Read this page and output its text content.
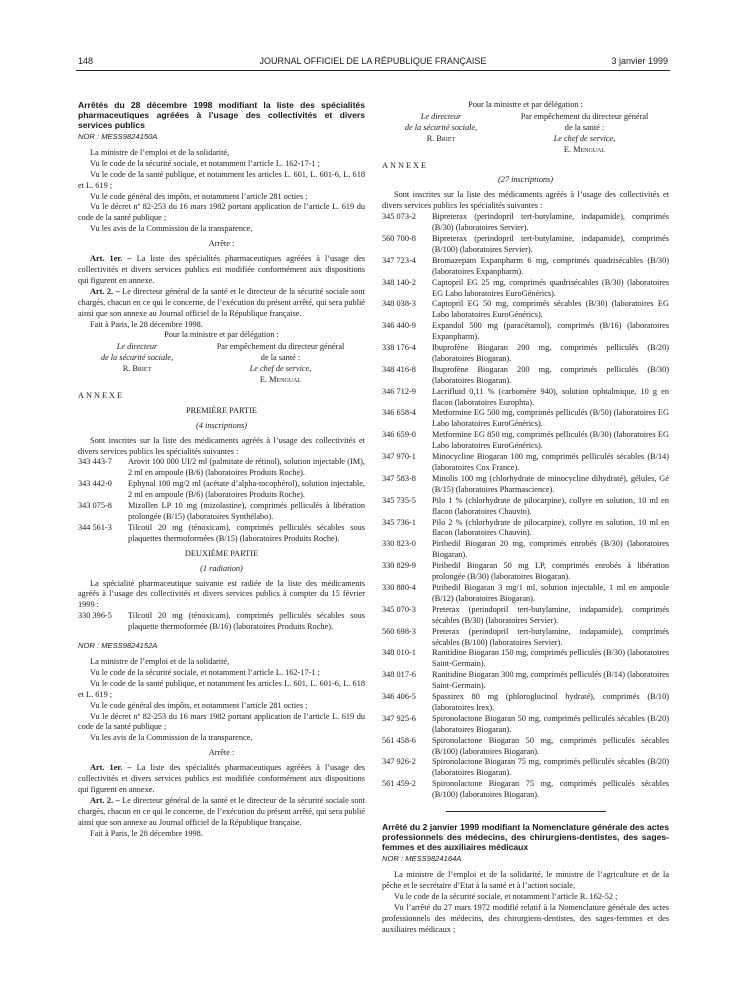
148	JOURNAL OFFICIEL DE LA RÉPUBLIQUE FRANÇAISE	3 janvier 1999

Arrêtés du 28 décembre 1998 modifiant la liste des spécialités pharmaceutiques agréées à l’usage des collectivités et divers services publics

NOR : MESS9824150A

La ministre de l’emploi et de la solidarité,

Vu le code de la sécurité sociale, et notamment l’article L. 162-17-1 ;

Vu le code de la santé publique, et notamment les articles L. 601, L. 601-6, L. 618 et L. 619 ;

Vu le code général des impôts, et notamment l’article 281 octies ;

Vu le décret nº 82-253 du 16 mars 1982 portant application de l’article L. 619 du code de la santé publique ;

Vu les avis de la Commission de la transparence,

Arrête :

Art. 1er. – La liste des spécialités pharmaceutiques agréées à l’usage des collectivités et divers services publics est modifiée conformément aux dispositions qui figurent en annexe.

Art. 2. – Le directeur général de la santé et le directeur de la sécurité sociale sont chargés, chacun en ce qui le concerne, de l’exécution du présent arrêté, qui sera publié ainsi que son annexe au Journal officiel de la République française.

Fait à Paris, le 28 décembre 1998.

Pour la ministre et par délégation :

Le directeur
de la sécurité sociale,
R. Briet
Par empêchement du directeur général
de la santé :
Le chef de service,
E. Mengual

ANNEXE

PREMIÈRE PARTIE

(4 inscriptions)

Sont inscrites sur la liste des médicaments agréés à l’usage des collectivités et divers services publics les spécialités suivantes :

343 443-7	Arovit 100 000 UI/2 ml (palmitate de rétinol), solution injectable (IM), 2 ml en ampoule (B/6) (laboratoires Produits Roche).
343 442-0	Ephynal 100 mg/2 ml (acétate d’alpha-tocophérol), solution injectable, 2 ml en ampoule (B/6) (laboratoires Produits Roche).
343 075-8	Mizollen LP 10 mg (mizolastine), comprimés pelliculés à libération prolongée (B/15) (laboratoires Synthélabo).
344 561-3	Tilcotil 20 mg (ténoxicam), comprimés pelliculés sécables sous plaquettes thermoformées (B/15) (laboratoires Produits Roche).

DEUXIÈME PARTIE

(1 radiation)

La spécialité pharmaceutique suivante est radiée de la liste des médicaments agréés à l’usage des collectivités et divers services publics à compter du 15 février 1999 :

330 396-5	Tilcotil 20 mg (ténoxicam), comprimés pelliculés sécables sous plaquette thermoformée (B/16) (laboratoires Produits Roche).

NOR : MESS9824152A

La ministre de l’emploi et de la solidarité,

Vu le code de la sécurité sociale, et notamment l’article L. 162-17-1 ;

Vu le code de la santé publique, et notamment les articles L. 601, L. 601-6, L. 618 et L. 619 ;

Vu le code général des impôts, et notamment l’article 281 octies ;

Vu le décret nº 82-253 du 16 mars 1982 portant application de l’article L. 619 du code de la santé publique ;

Vu les avis de la Commission de la transparence,

Arrête :

Art. 1er. – La liste des spécialités pharmaceutiques agréées à l’usage des collectivités et divers services publics est modifiée conformément aux dispositions qui figurent en annexe.

Art. 2. – Le directeur général de la santé et le directeur de la sécurité sociale sont chargés, chacun en ce qui le concerne, de l’exécution du présent arrêté, qui sera publié ainsi que son annexe au Journal officiel de la République française.

Fait à Paris, le 28 décembre 1998.

Pour la ministre et par délégation :

Le directeur
de la sécurité sociale,
R. Briet
Par empêchement du directeur général
de la santé :
Le chef de service,
E. Mengual

ANNEXE

(27 inscriptions)

Sont inscrites sur la liste des médicaments agréés à l’usage des collectivités et divers services publics les spécialités suivantes :

345 073-2	Bipreterax (perindopril tert-butylamine, indapamide), comprimés (B/30) (laboratoires Servier).
560 700-8	Bipreterax (perindopril tert-butylamine, indapamide), comprimés (B/100) (laboratoires Servier).
347 723-4	Bromazepam Expanpharm 6 mg, comprimés quadrisécables (B/30) (laboratoires Expanpharm).
348 140-2	Captopril EG 25 mg, comprimés quadrisécables (B/30) (laboratoires EG Labo laboratoires EuroGénérics).
348 038-3	Captopril EG 50 mg, comprimés sécables (B/30) (laboratoires EG Labo laboratoires EuroGénérics).
346 440-9	Expandol 500 mg (paracétamol), comprimés (B/16) (laboratoires Expanpharm).
338 176-4	Ibuprofène Biogaran 200 mg, comprimés pelliculés (B/20) (laboratoires Biogaran).
348 416-8	Ibuprofène Biogaran 200 mg, comprimés pelliculés (B/30) (laboratoires Biogaran).
346 712-9	Lacrifluid 0,11 % (carbomère 940), solution ophtalmique, 10 g en flacon (laboratoires Europhta).
346 658-4	Metformine EG 500 mg, comprimés pelliculés (B/50) (laboratoires EG Labo laboratoires EuroGénérics).
346 659-0	Metformine EG 850 mg, comprimés pelliculés (B/30) (laboratoires EG Labo laboratoires EuroGénérics).
347 970-1	Minocycline Biogaran 100 mg, comprimés pelliculés sécables (B/14) (laboratoires Cox France).
347 583-8	Minolis 100 mg (chlorhydrate de minocycline dihydraté), gélules, Gé (B/15) (laboratoires Pharmascience).
345 735-5	Pilo 1 % (chlorhydrate de pilocarpine), collyre en solution, 10 ml en flacon (laboratoires Chauvin).
345 736-1	Pilo 2 % (chlorhydrate de pilocarpine), collyre en solution, 10 ml en flacon (laboratoires Chauvin).
330 823-0	Piribedil Biogaran 20 mg, comprimés enrobés (B/30) (laboratoires Biogaran).
330 829-9	Piribedil Biogaran 50 mg LP, comprimés enrobés à libération prolongée (B/30) (laboratoires Biogaran).
330 880-4	Piribedil Biogaran 3 mg/1 ml, solution injectable, 1 ml en ampoule (B/12) (laboratoires Biogaran).
345 070-3	Preterax (perindopril tert-butylamine, indapamide), comprimés sécables (B/30) (laboratoires Servier).
560 698-3	Preterax (perindopril tert-butylamine, indapamide), comprimés sécables (B/100) (laboratoires Servier).
348 010-1	Ranitidine Biogaran 150 mg, comprimés pelliculés (B/30) (laboratoires Saint-Germain).
348 017-6	Ranitidine Biogaran 300 mg, comprimés pelliculés (B/14) (laboratoires Saint-Germain).
346 406-5	Spassirex 80 mg (phloroglucinol hydraté), comprimés (B/10) (laboratoires Irex).
347 925-6	Spironolactone Biogaran 50 mg, comprimés pelliculés sécables (B/20) (laboratoires Biogaran).
561 458-6	Spironolactone Biogaran 50 mg, comprimés pelliculés sécables (B/100) (laboratoires Biogaran).
347 926-2	Spironolactone Biogaran 75 mg, comprimés pelliculés sécables (B/20) (laboratoires Biogaran).
561 459-2	Spironolactone Biogaran 75 mg, comprimés pelliculés sécables (B/100) (laboratoires Biogaran).

Arrêté du 2 janvier 1999 modifiant la Nomenclature générale des actes professionnels des médecins, des chirurgiens-dentistes, des sages-femmes et des auxiliaires médicaux

NOR : MESS9824164A

La ministre de l’emploi et de la solidarité, le ministre de l’agriculture et de la pêche et le secrétaire d’Etat à la santé et à l’action sociale,

Vu le code de la sécurité sociale, et notamment l’article R. 162-52 ;

Vu l’arrêté du 27 mars 1972 modifié relatif à la Nomenclature générale des actes professionnels des médecins, des chirurgiens-dentistes, des sages-femmes et des auxiliaires médicaux ;
